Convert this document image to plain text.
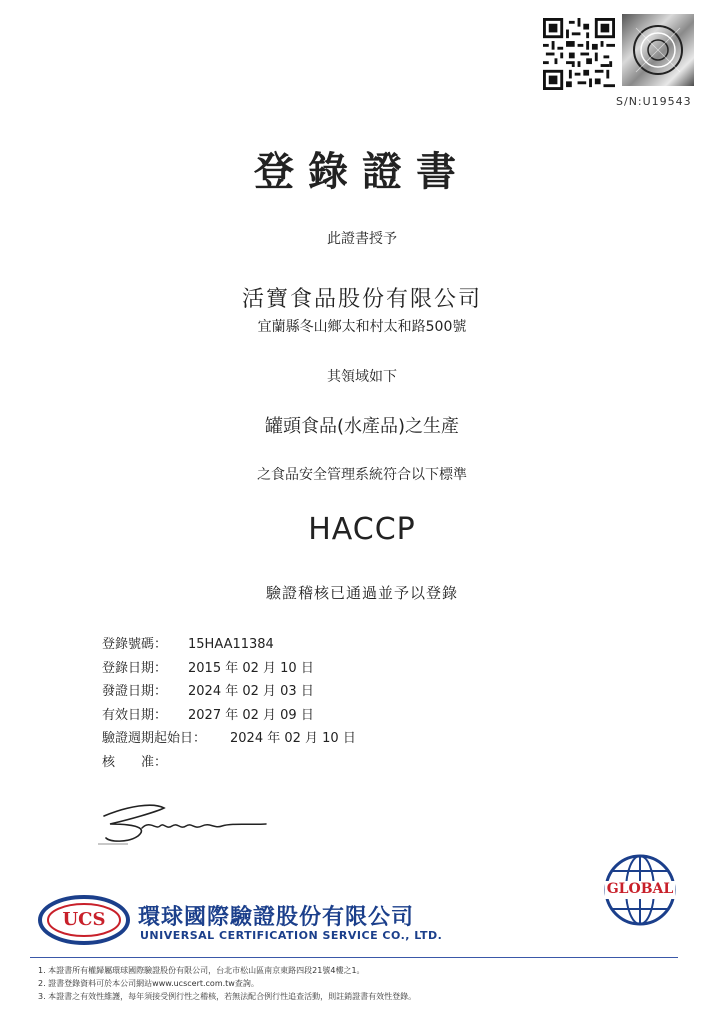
S/N:U19543
登錄證書
此證書授予
活寶食品股份有限公司
宜蘭縣冬山鄉太和村太和路500號
其領域如下
罐頭食品(水產品)之生產
之食品安全管理系統符合以下標準
HACCP
驗證稽核已通過並予以登錄
登錄號碼：	15HAA11384
登錄日期：	2015 年 02 月 10 日
發證日期：	2024 年 02 月 03 日
有效日期：	2027 年 02 月 09 日
驗證週期起始日：	2024 年 02 月 10 日
核　　准：
GLOBAL
UCS	環球國際驗證股份有限公司
UNIVERSAL CERTIFICATION SERVICE CO., LTD.
1. 本證書所有權歸屬環球國際驗證股份有限公司，台北市松山區南京東路四段21號4樓之1。
2. 證書登錄資料可於本公司網站www.ucscert.com.tw查詢。
3. 本證書之有效性維護，每年須接受例行性之稽核，若無法配合例行性追查活動，則註銷證書有效性登錄。
